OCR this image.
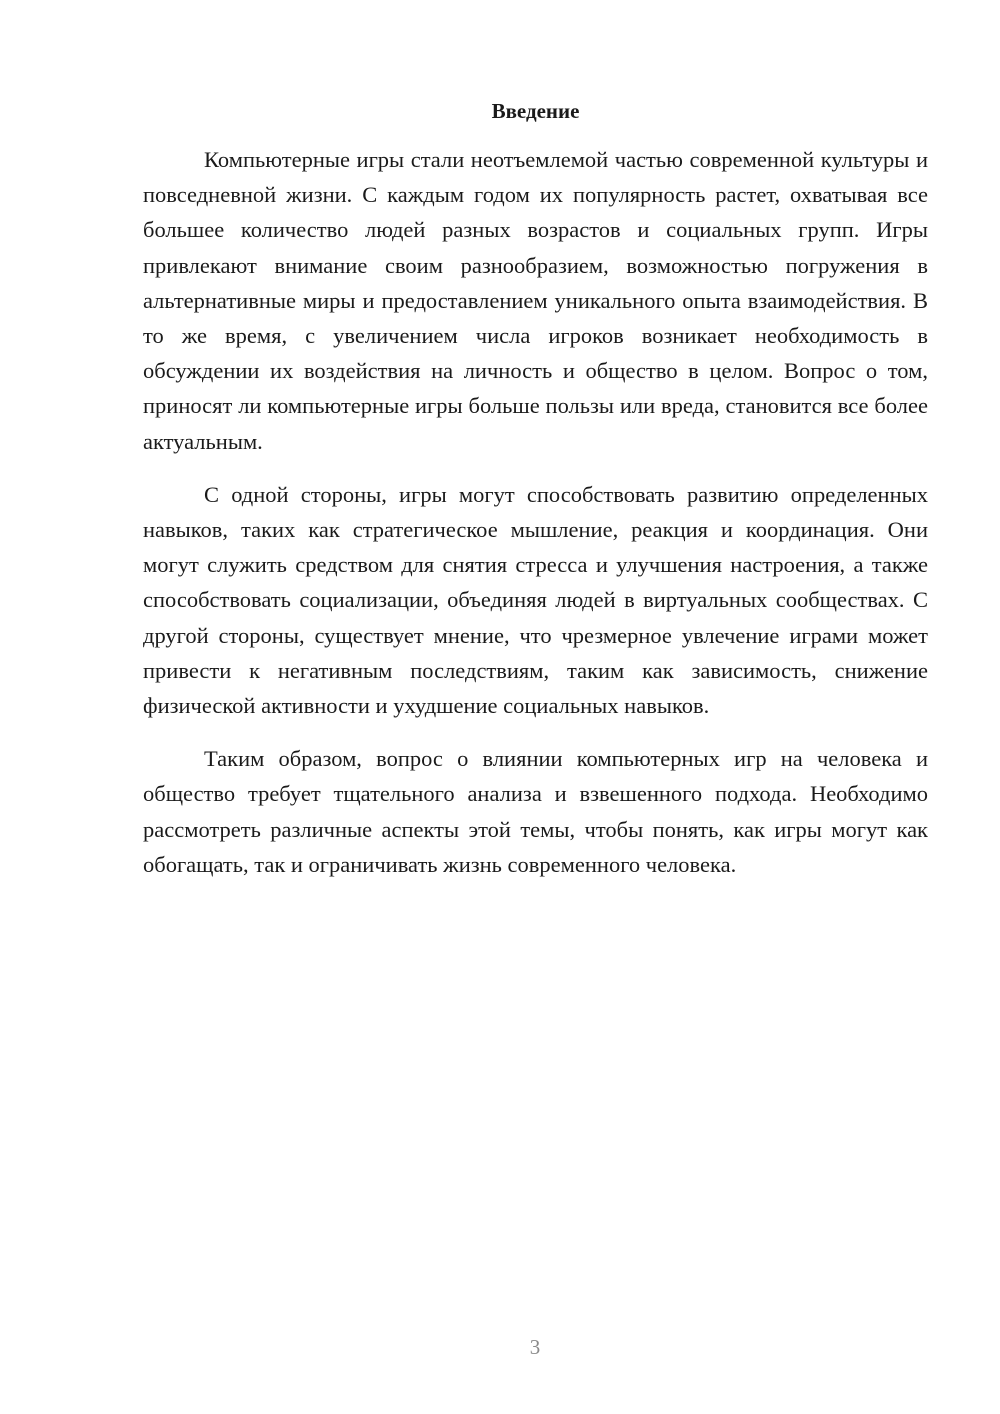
Введение

Компьютерные игры стали неотъемлемой частью современной культуры и повседневной жизни. С каждым годом их популярность растет, охватывая все большее количество людей разных возрастов и социальных групп. Игры привлекают внимание своим разнообразием, возможностью погружения в альтернативные миры и предоставлением уникального опыта взаимодействия. В то же время, с увеличением числа игроков возникает необходимость в обсуждении их воздействия на личность и общество в целом. Вопрос о том, приносят ли компьютерные игры больше пользы или вреда, становится все более актуальным.

С одной стороны, игры могут способствовать развитию определенных навыков, таких как стратегическое мышление, реакция и координация. Они могут служить средством для снятия стресса и улучшения настроения, а также способствовать социализации, объединяя людей в виртуальных сообществах. С другой стороны, существует мнение, что чрезмерное увлечение играми может привести к негативным последствиям, таким как зависимость, снижение физической активности и ухудшение социальных навыков.

Таким образом, вопрос о влиянии компьютерных игр на человека и общество требует тщательного анализа и взвешенного подхода. Необходимо рассмотреть различные аспекты этой темы, чтобы понять, как игры могут как обогащать, так и ограничивать жизнь современного человека.

3
